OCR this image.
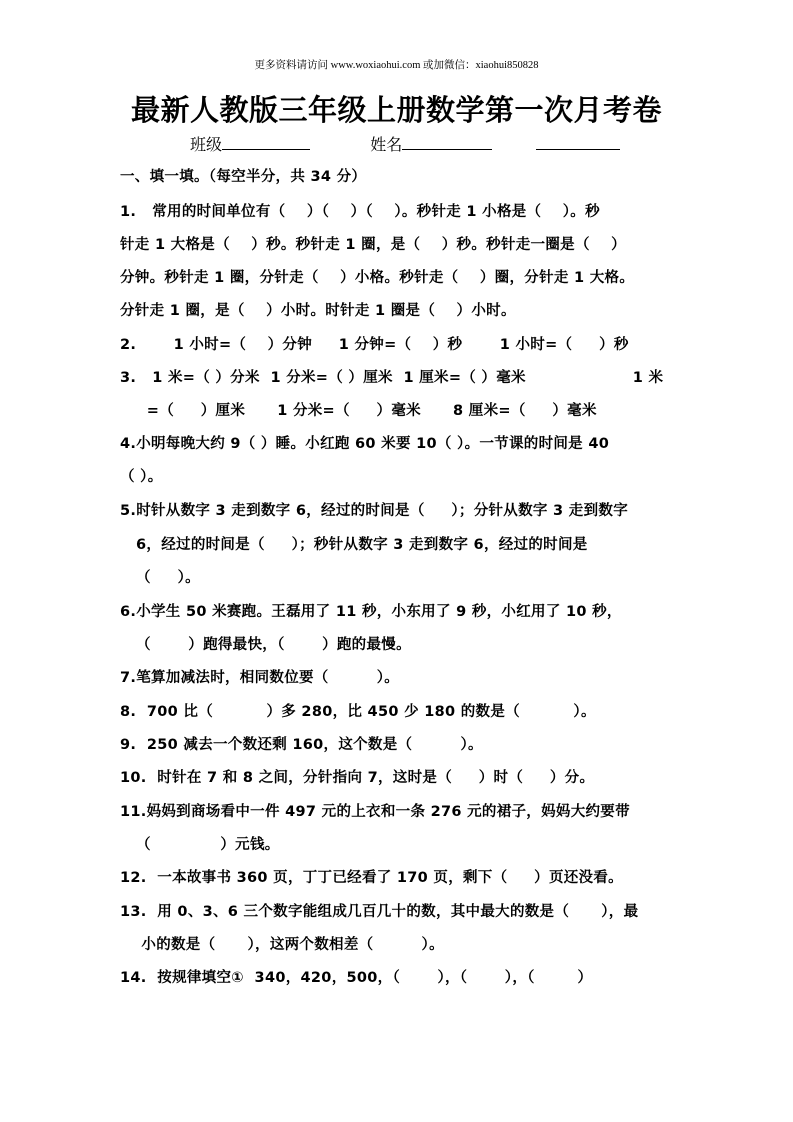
更多资料请访问 www.woxiaohui.com 或加微信：xiaohui850828
最新人教版三年级上册数学第一次月考卷
班级	姓名
一、填一填。（每空半分，共 34 分）
1.   常用的时间单位有（    ）（    ）（    ）。秒针走 1 小格是（    ）。秒
针走 1 大格是（    ）秒。秒针走 1 圈，是（    ）秒。秒针走一圈是（    ）
分钟。秒针走 1 圈，分针走（    ）小格。秒针走（    ）圈，分针走 1 大格。
分针走 1 圈，是（    ）小时。时针走 1 圈是（    ）小时。
2.       1 小时=（    ）分钟     1 分钟=（    ）秒       1 小时=（     ）秒
3.   1 米=（ ）分米  1 分米=（ ）厘米  1 厘米=（ ）毫米                    1 米
=（     ）厘米      1 分米=（     ）毫米      8 厘米=（     ）毫米
4.小明每晚大约 9（ ）睡。小红跑 60 米要 10（ ）。一节课的时间是 40
（ ）。
5.时针从数字 3 走到数字 6，经过的时间是（     ）；分针从数字 3 走到数字
6，经过的时间是（     ）；秒针从数字 3 走到数字 6，经过的时间是
（     ）。
6.小学生 50 米赛跑。王磊用了 11 秒，小东用了 9 秒，小红用了 10 秒，
（       ）跑得最快，（       ）跑的最慢。
7.笔算加减法时，相同数位要（         ）。
8.  700 比（          ）多 280，比 450 少 180 的数是（          ）。
9.  250 减去一个数还剩 160，这个数是（         ）。
10.  时针在 7 和 8 之间，分针指向 7，这时是（     ）时（     ）分。
11.妈妈到商场看中一件 497 元的上衣和一条 276 元的裙子，妈妈大约要带
（             ）元钱。
12.  一本故事书 360 页，丁丁已经看了 170 页，剩下（     ）页还没看。
13.  用 0、3、6 三个数字能组成几百几十的数，其中最大的数是（      ），最
小的数是（      ），这两个数相差（         ）。
14.  按规律填空①  340，420，500，（       ），（       ），（        ）
